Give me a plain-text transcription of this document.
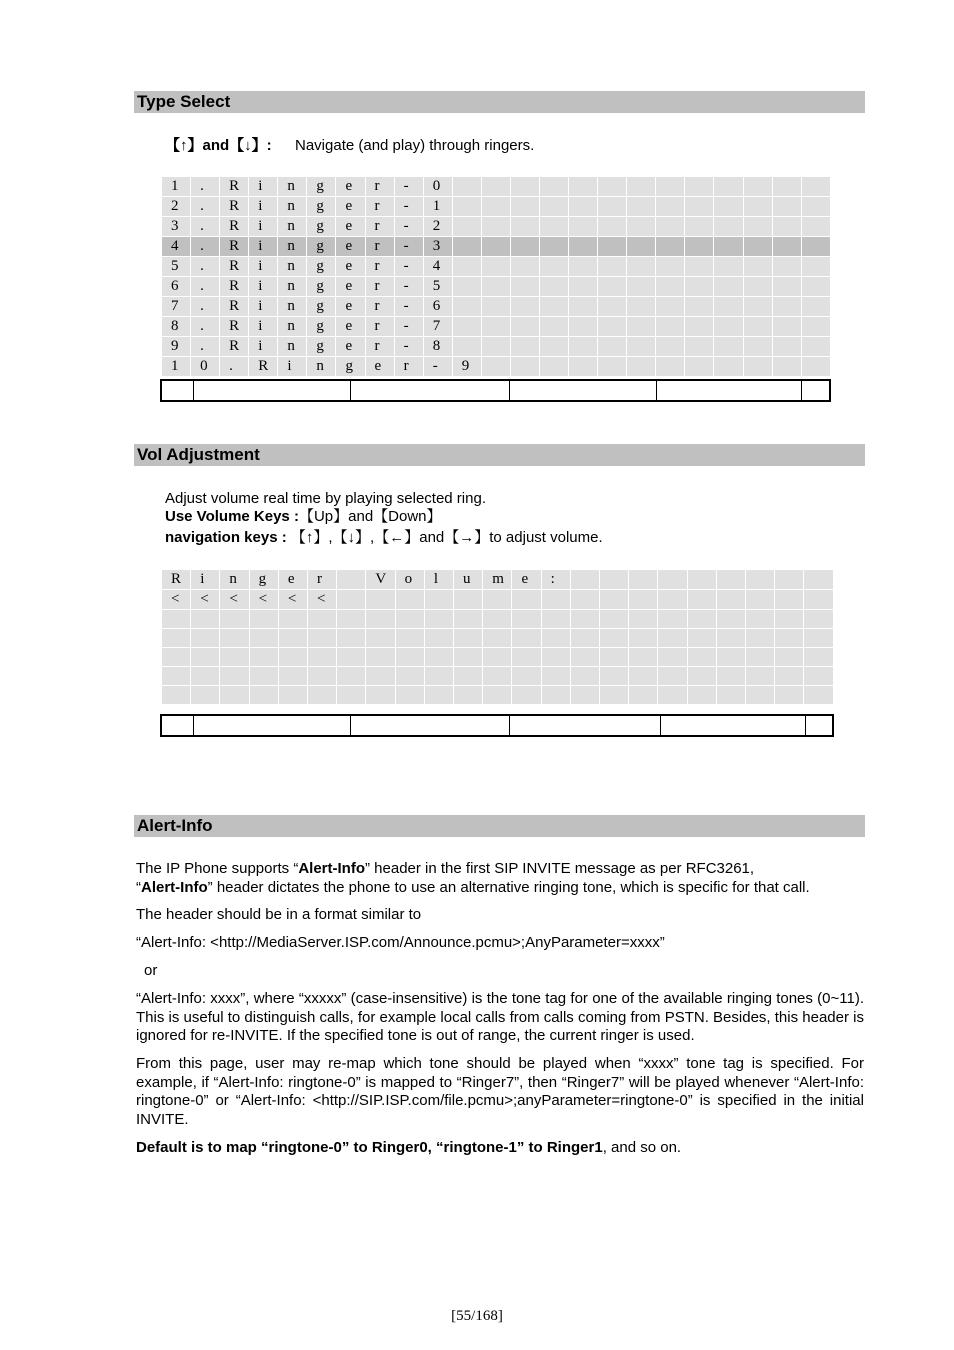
Type Select
【↑】and【↓】: Navigate (and play) through ringers.
1	.	R	i	n	g	e	r	-	0													
2	.	R	i	n	g	e	r	-	1													
3	.	R	i	n	g	e	r	-	2													
4	.	R	i	n	g	e	r	-	3													
5	.	R	i	n	g	e	r	-	4													
6	.	R	i	n	g	e	r	-	5													
7	.	R	i	n	g	e	r	-	6													
8	.	R	i	n	g	e	r	-	7													
9	.	R	i	n	g	e	r	-	8													
1	0	.	R	i	n	g	e	r	-	9												
Vol Adjustment
Adjust volume real time by playing selected ring.
Use Volume Keys :【Up】and【Down】
navigation keys : 【↑】,【↓】,【←】and【→】to adjust volume.
R	i	n	g	e	r		V	o	l	u	m	e	:									
<	<	<	<	<	<																	

Alert-Info
The IP Phone supports “Alert-Info” header in the first SIP INVITE message as per RFC3261,
“Alert-Info” header dictates the phone to use an alternative ringing tone, which is specific for that call.
The header should be in a format similar to
“Alert-Info: <http://MediaServer.ISP.com/Announce.pcmu>;AnyParameter=xxxx”
or
“Alert-Info: xxxx”, where “xxxxx” (case-insensitive) is the tone tag for one of the available ringing tones (0~11). This is useful to distinguish calls, for example local calls from calls coming from PSTN. Besides, this header is ignored for re-INVITE. If the specified tone is out of range, the current ringer is used.
From this page, user may re-map which tone should be played when “xxxx” tone tag is specified. For example, if “Alert-Info: ringtone-0” is mapped to “Ringer7”, then “Ringer7” will be played whenever “Alert-Info: ringtone-0” or “Alert-Info: <http://SIP.ISP.com/file.pcmu>;anyParameter=ringtone-0” is specified in the initial INVITE.
Default is to map “ringtone-0” to Ringer0, “ringtone-1” to Ringer1, and so on.
[55/168]
